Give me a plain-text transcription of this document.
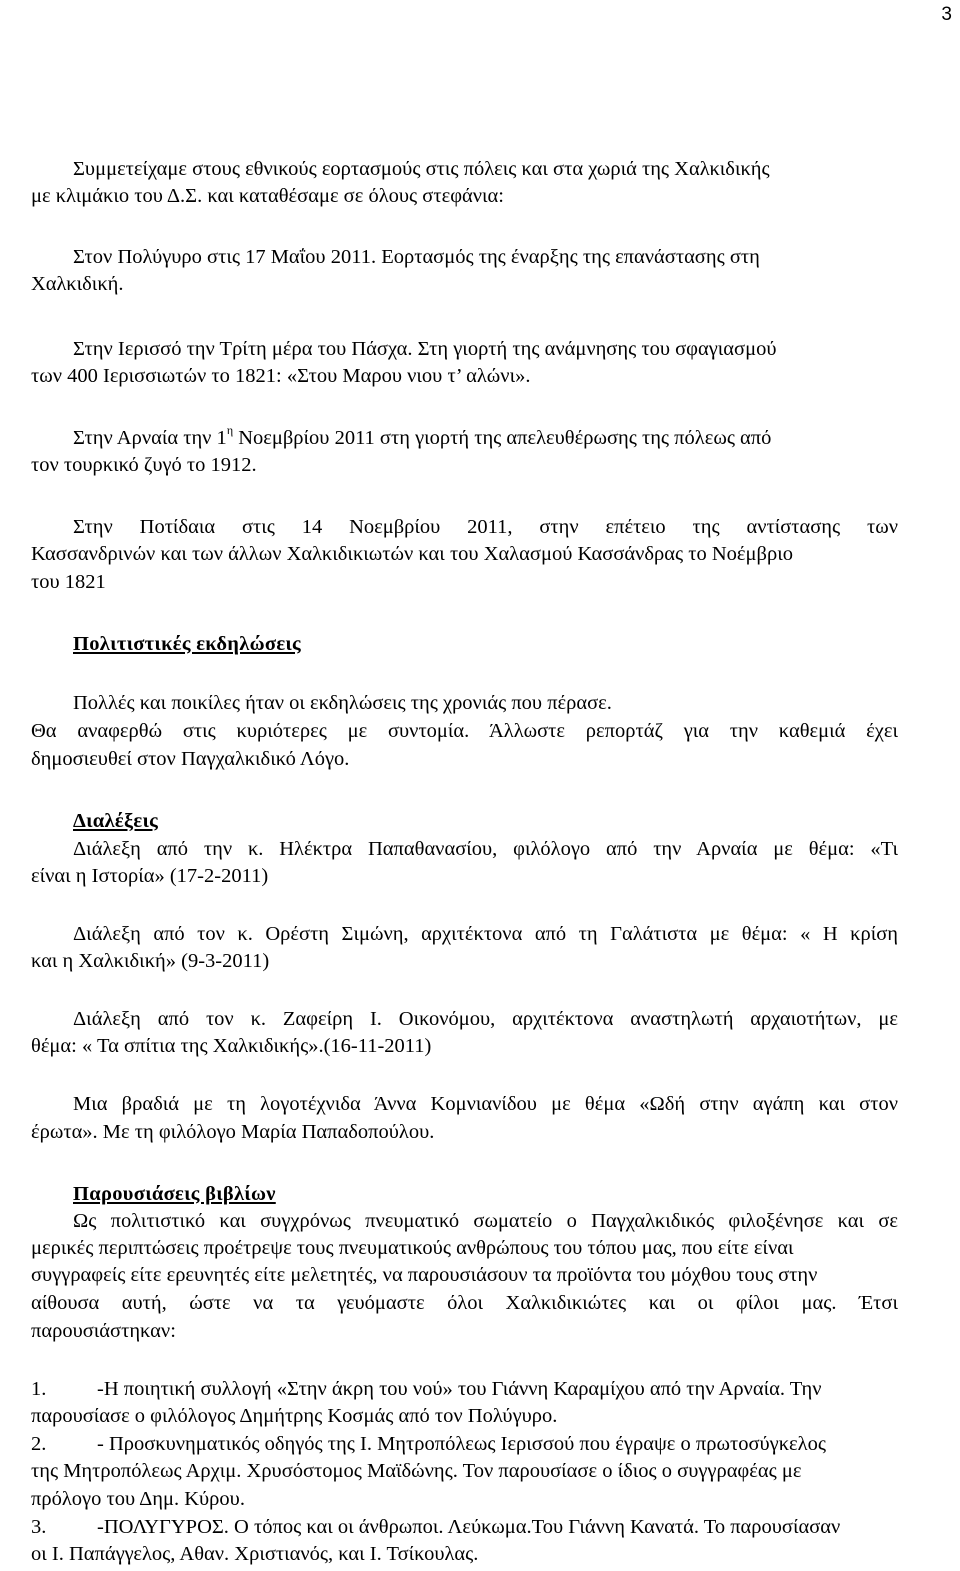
3
Συμμετείχαμε στους εθνικούς εορτασμούς στις πόλεις και στα χωριά της Χαλκιδικής
με κλιμάκιο του Δ.Σ. και καταθέσαμε σε όλους στεφάνια:
Στον Πολύγυρο στις 17 Μαΐου 2011. Εορτασμός της έναρξης της επανάστασης στη
Χαλκιδική.
Στην Ιερισσό την Τρίτη μέρα του Πάσχα. Στη γιορτή της ανάμνησης του σφαγιασμού
των 400 Ιερισσιωτών το 1821: «Στου Μαρου νιου τ’ αλώνι».
Στην Αρναία την $1^\eta$ Νοεμβρίου 2011 στη γιορτή της απελευθέρωσης της πόλεως από
τον τουρκικό ζυγό το 1912.
Στην Ποτίδαια στις 14 Νοεμβρίου 2011, στην επέτειο της αντίστασης των
Κασσανδρινών και των άλλων Χαλκιδικιωτών και του Χαλασμού Κασσάνδρας το Νοέμβριο
του 1821
Πολιτιστικές εκδηλώσεις
Πολλές και ποικίλες ήταν οι εκδηλώσεις της χρονιάς που πέρασε.
Θα αναφερθώ στις κυριότερες με συντομία. Άλλωστε ρεπορτάζ για την καθεμιά έχει
δημοσιευθεί στον Παγχαλκιδικό Λόγο.
Διαλέξεις
Διάλεξη από την κ. Ηλέκτρα Παπαθανασίου, φιλόλογο από την Αρναία με θέμα: «Τι
είναι η Ιστορία» (17-2-2011)
Διάλεξη από τον κ. Ορέστη Σιμώνη, αρχιτέκτονα από τη Γαλάτιστα με θέμα: « Η κρίση
και η Χαλκιδική» (9-3-2011)
Διάλεξη από τον κ. Ζαφείρη Ι. Οικονόμου, αρχιτέκτονα αναστηλωτή αρχαιοτήτων, με
θέμα: « Τα σπίτια της Χαλκιδικής».(16-11-2011)
Μια βραδιά με τη λογοτέχνιδα Άννα Κομνιανίδου με θέμα «Ωδή στην αγάπη και στον
έρωτα». Με τη φιλόλογο Μαρία Παπαδοπούλου.
Παρουσιάσεις βιβλίων
Ως πολιτιστικό και συγχρόνως πνευματικό σωματείο ο Παγχαλκιδικός φιλοξένησε και σε
μερικές περιπτώσεις προέτρεψε τους πνευματικούς ανθρώπους του τόπου μας, που είτε είναι
συγγραφείς είτε ερευνητές είτε μελετητές, να παρουσιάσουν τα προϊόντα του μόχθου τους στην
αίθουσα αυτή, ώστε να τα γευόμαστε όλοι Χαλκιδικιώτες και οι φίλοι μας. Έτσι
παρουσιάστηκαν:
1. -Η ποιητική συλλογή «Στην άκρη του νού» του Γιάννη Καραμίχου από την Αρναία. Την
παρουσίασε ο φιλόλογος Δημήτρης Κοσμάς από τον Πολύγυρο.
2. - Προσκυνηματικός οδηγός της Ι. Μητροπόλεως Ιερισσού που έγραψε ο πρωτοσύγκελος
της Μητροπόλεως Αρχιμ. Χρυσόστομος Μαϊδώνης. Τον παρουσίασε ο ίδιος ο συγγραφέας με
πρόλογο του Δημ. Κύρου.
3. -ΠΟΛΥΓΥΡΟΣ. Ο τόπος και οι άνθρωποι. Λεύκωμα.Του Γιάννη Κανατά. Το παρουσίασαν
οι Ι. Παπάγγελος, Αθαν. Χριστιανός, και Ι. Τσίκουλας.
